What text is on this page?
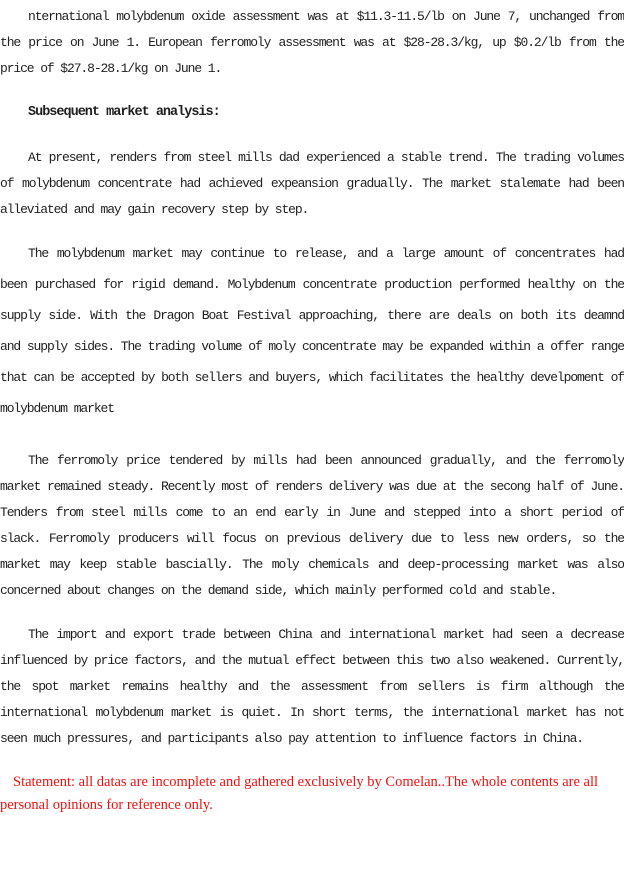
nternational molybdenum oxide assessment was at $11.3-11.5/lb on June 7, unchanged from the price on June 1. European ferromoly assessment was at $28-28.3/kg, up $0.2/lb from the price of $27.8-28.1/kg on June 1.

Subsequent market analysis:

At present, renders from steel mills dad experienced a stable trend. The trading volumes of molybdenum concentrate had achieved expeansion gradually. The market stalemate had been alleviated and may gain recovery step by step.

The molybdenum market may continue to release, and a large amount of concentrates had been purchased for rigid demand. Molybdenum concentrate production performed healthy on the supply side. With the Dragon Boat Festival approaching, there are deals on both its deamnd and supply sides. The trading volume of moly concentrate may be expanded within a offer range that can be accepted by both sellers and buyers, which facilitates the healthy develpoment of molybdenum market

The ferromoly price tendered by mills had been announced gradually, and the ferromoly market remained steady. Recently most of renders delivery was due at the secong half of June. Tenders from steel mills come to an end early in June and stepped into a short period of slack. Ferromoly producers will focus on previous delivery due to less new orders, so the market may keep stable bascially. The moly chemicals and deep-processing market was also concerned about changes on the demand side, which mainly performed cold and stable.

The import and export trade between China and international market had seen a decrease influenced by price factors, and the mutual effect between this two also weakened. Currently, the spot market remains healthy and the assessment from sellers is firm although the international molybdenum market is quiet. In short terms, the international market has not seen much pressures, and participants also pay attention to influence factors in China.

Statement: all datas are incomplete and gathered exclusively by Comelan..The whole contents are all personal opinions for reference only.
